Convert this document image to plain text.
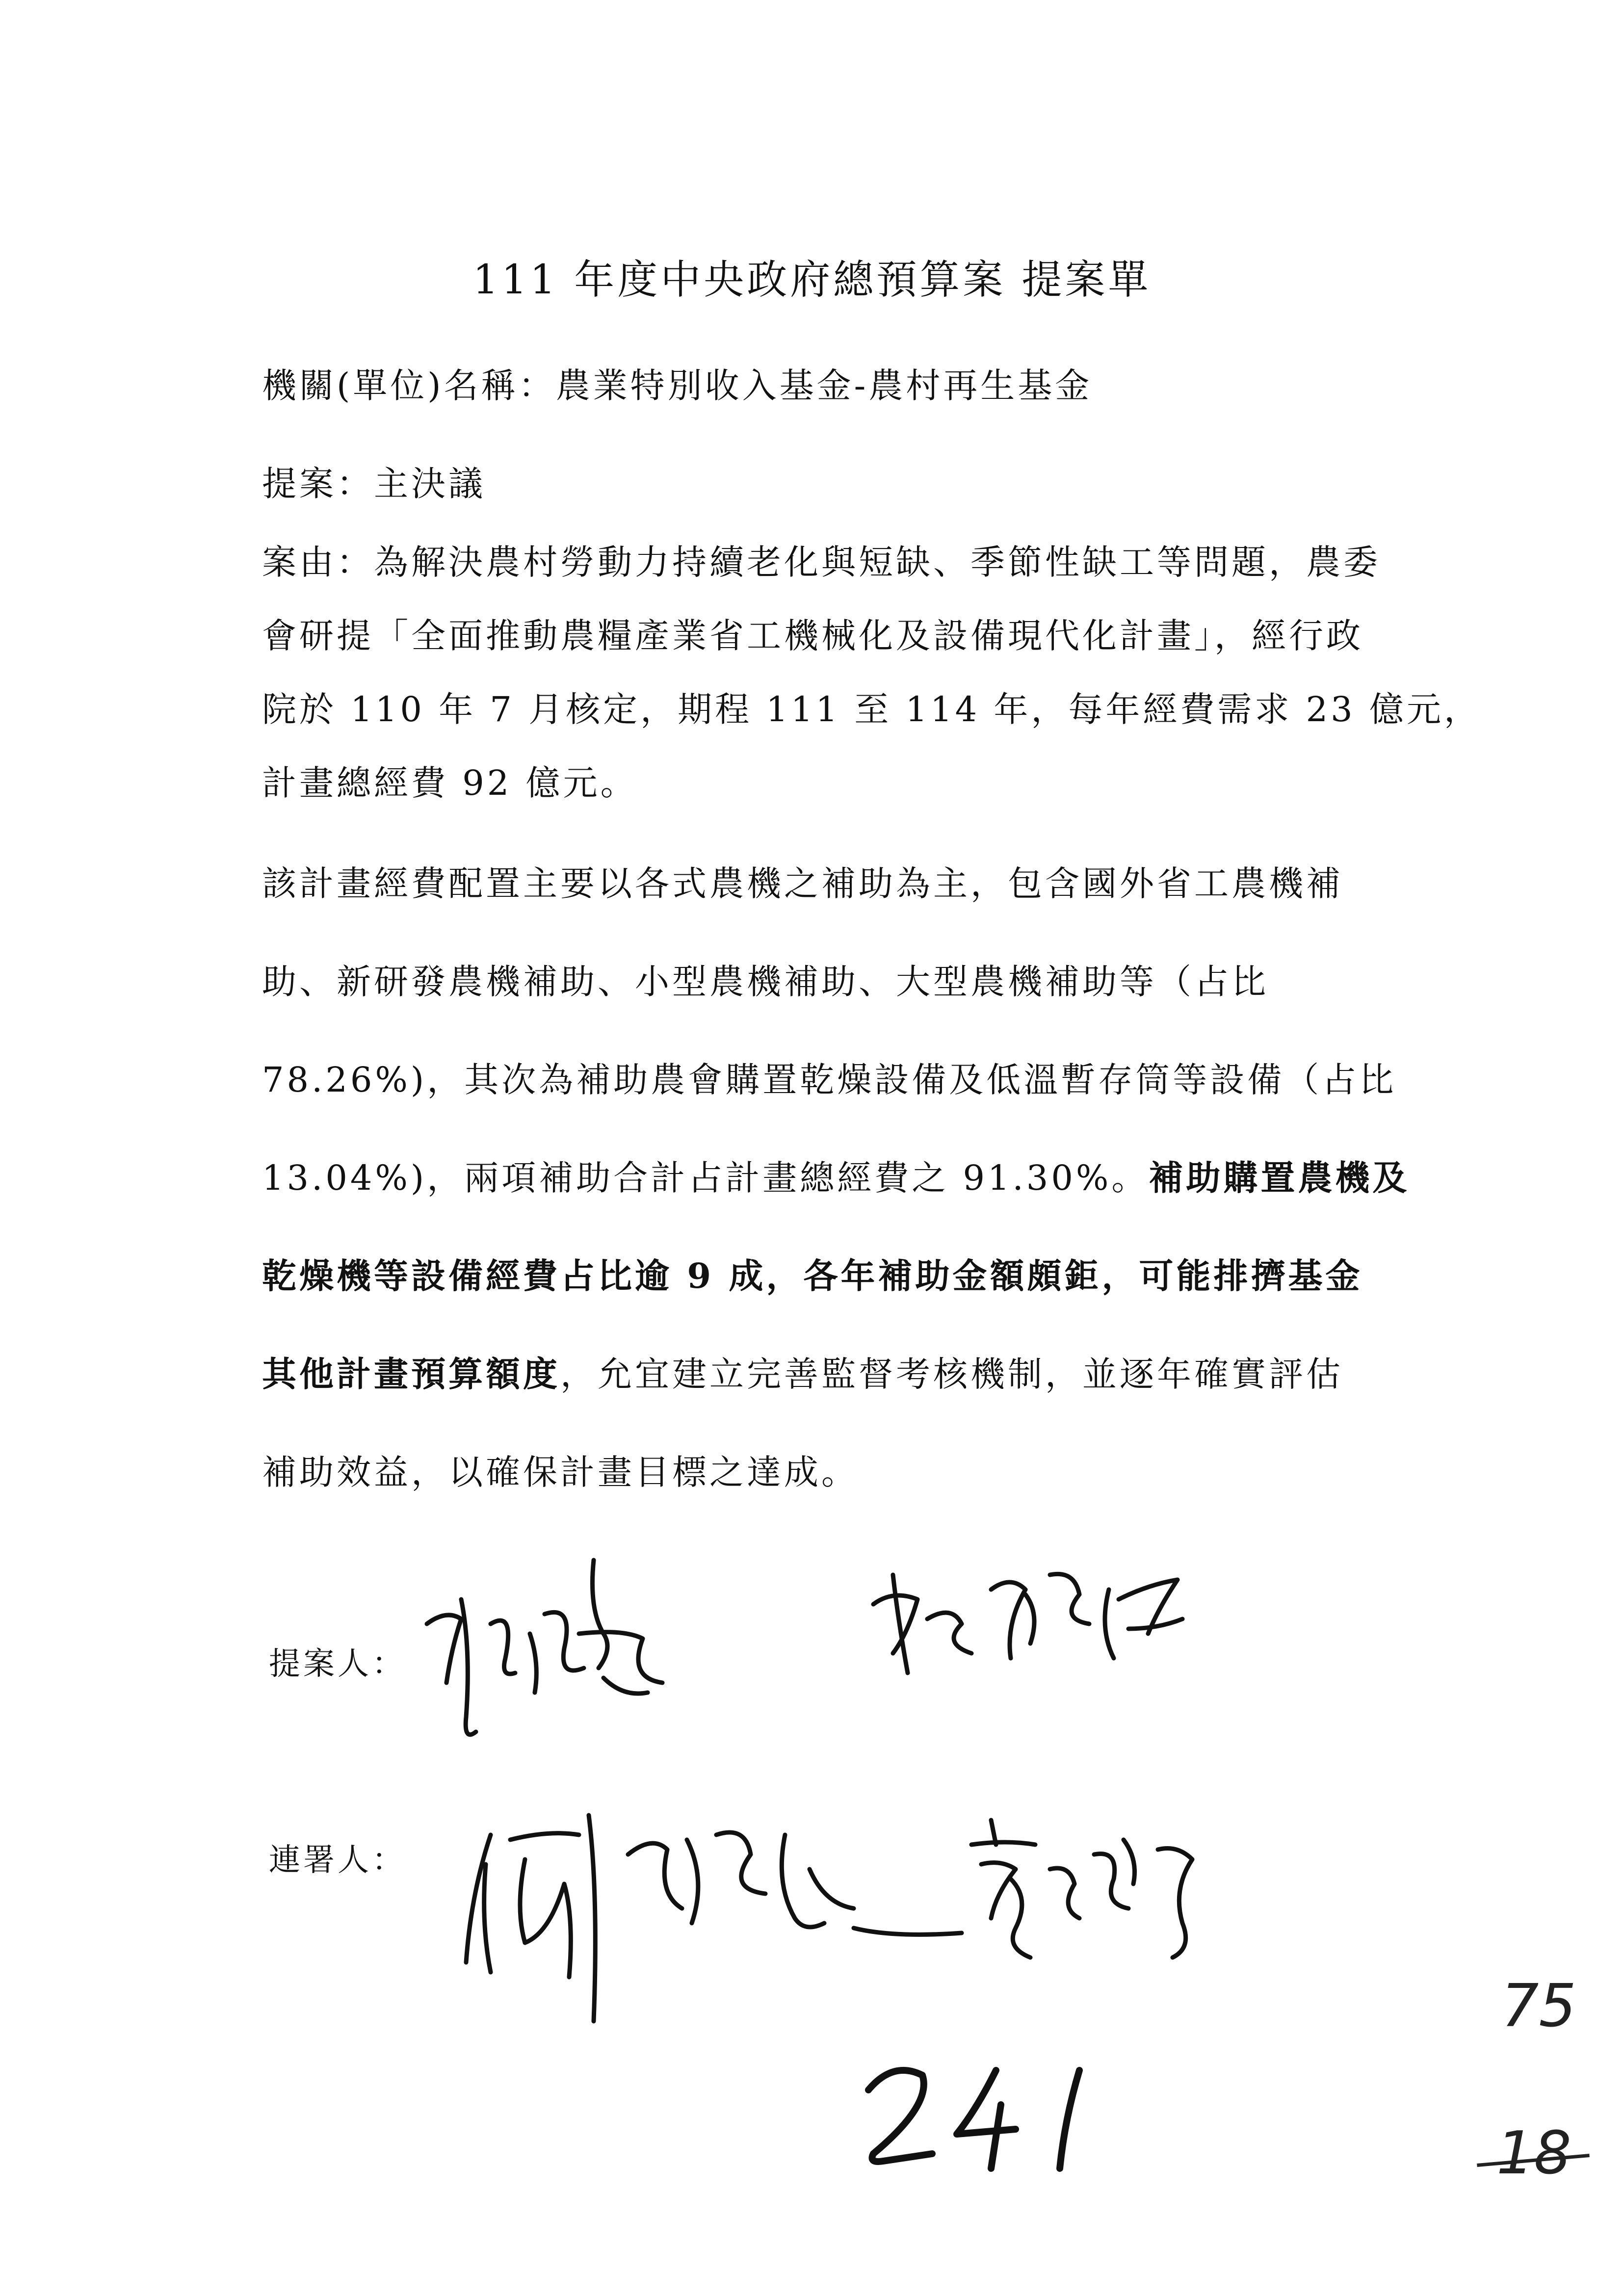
111 年度中央政府總預算案 提案單
機關(單位)名稱：農業特別收入基金-農村再生基金
提案：主決議
案由：為解決農村勞動力持續老化與短缺、季節性缺工等問題，農委
會研提「全面推動農糧產業省工機械化及設備現代化計畫」，經行政
院於 110 年 7 月核定，期程 111 至 114 年，每年經費需求 23 億元，
計畫總經費 92 億元。
該計畫經費配置主要以各式農機之補助為主，包含國外省工農機補
助、新研發農機補助、小型農機補助、大型農機補助等（占比
78.26%)，其次為補助農會購置乾燥設備及低溫暫存筒等設備（占比
13.04%)，兩項補助合計占計畫總經費之 91.30%。補助購置農機及
乾燥機等設備經費占比逾 9 成，各年補助金額頗鉅，可能排擠基金
其他計畫預算額度，允宜建立完善監督考核機制，並逐年確實評估
補助效益，以確保計畫目標之達成。
提案人：
連署人：
75
18
